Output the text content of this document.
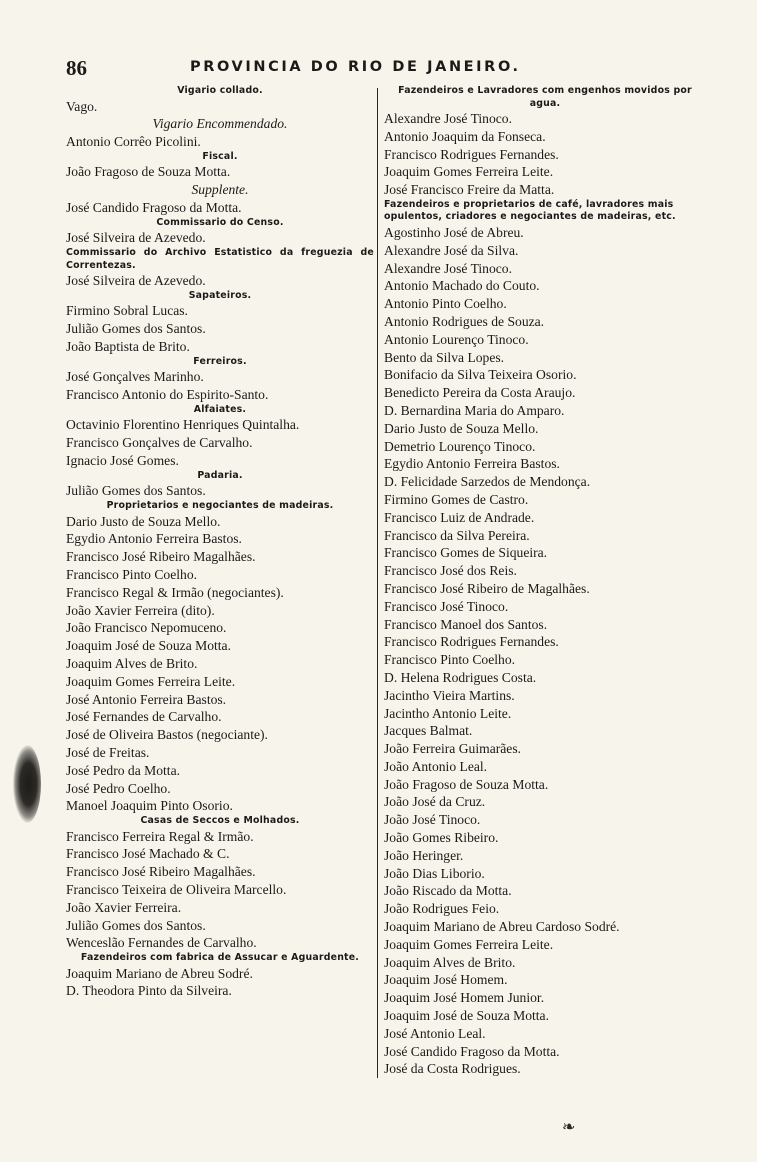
86	PROVINCIA DO RIO DE JANEIRO.
Vigario collado.
Vago.
Vigario Encommendado.
Antonio Corrêo Picolini.
Fiscal.
João Fragoso de Souza Motta.
Supplente.
José Candido Fragoso da Motta.
Commissario do Censo.
José Silveira de Azevedo.
Commissario do Archivo Estatistico da freguezia de Correntezas.
José Silveira de Azevedo.
Sapateiros.
Firmino Sobral Lucas.
Julião Gomes dos Santos.
João Baptista de Brito.
Ferreiros.
José Gonçalves Marinho.
Francisco Antonio do Espirito-Santo.
Alfaiates.
Octavinio Florentino Henriques Quintalha.
Francisco Gonçalves de Carvalho.
Ignacio José Gomes.
Padaria.
Julião Gomes dos Santos.
Proprietarios e negociantes de madeiras.
Dario Justo de Souza Mello.
Egydio Antonio Ferreira Bastos.
Francisco José Ribeiro Magalhães.
Francisco Pinto Coelho.
Francisco Regal & Irmão (negociantes).
João Xavier Ferreira (dito).
João Francisco Nepomuceno.
Joaquim José de Souza Motta.
Joaquim Alves de Brito.
Joaquim Gomes Ferreira Leite.
José Antonio Ferreira Bastos.
José Fernandes de Carvalho.
José de Oliveira Bastos (negociante).
José de Freitas.
José Pedro da Motta.
José Pedro Coelho.
Manoel Joaquim Pinto Osorio.
Casas de Seccos e Molhados.
Francisco Ferreira Regal & Irmão.
Francisco José Machado & C.
Francisco José Ribeiro Magalhães.
Francisco Teixeira de Oliveira Marcello.
João Xavier Ferreira.
Julião Gomes dos Santos.
Wenceslão Fernandes de Carvalho.
Fazendeiros com fabrica de Assucar e Aguardente.
Joaquim Mariano de Abreu Sodré.
D. Theodora Pinto da Silveira.
Fazendeiros e Lavradores com engenhos movidos por agua.
Alexandre José Tinoco.
Antonio Joaquim da Fonseca.
Francisco Rodrigues Fernandes.
Joaquim Gomes Ferreira Leite.
José Francisco Freire da Matta.
Fazendeiros e proprietarios de café, lavradores mais opulentos, criadores e negociantes de madeiras, etc.
Agostinho José de Abreu.
Alexandre José da Silva.
Alexandre José Tinoco.
Antonio Machado do Couto.
Antonio Pinto Coelho.
Antonio Rodrigues de Souza.
Antonio Lourenço Tinoco.
Bento da Silva Lopes.
Bonifacio da Silva Teixeira Osorio.
Benedicto Pereira da Costa Araujo.
D. Bernardina Maria do Amparo.
Dario Justo de Souza Mello.
Demetrio Lourenço Tinoco.
Egydio Antonio Ferreira Bastos.
D. Felicidade Sarzedos de Mendonça.
Firmino Gomes de Castro.
Francisco Luiz de Andrade.
Francisco da Silva Pereira.
Francisco Gomes de Siqueira.
Francisco José dos Reis.
Francisco José Ribeiro de Magalhães.
Francisco José Tinoco.
Francisco Manoel dos Santos.
Francisco Rodrigues Fernandes.
Francisco Pinto Coelho.
D. Helena Rodrigues Costa.
Jacintho Vieira Martins.
Jacintho Antonio Leite.
Jacques Balmat.
João Ferreira Guimarães.
João Antonio Leal.
João Fragoso de Souza Motta.
João José da Cruz.
João José Tinoco.
João Gomes Ribeiro.
João Heringer.
João Dias Liborio.
João Riscado da Motta.
João Rodrigues Feio.
Joaquim Mariano de Abreu Cardoso Sodré.
Joaquim Gomes Ferreira Leite.
Joaquim Alves de Brito.
Joaquim José Homem.
Joaquim José Homem Junior.
Joaquim José de Souza Motta.
José Antonio Leal.
José Candido Fragoso da Motta.
José da Costa Rodrigues.
❧
